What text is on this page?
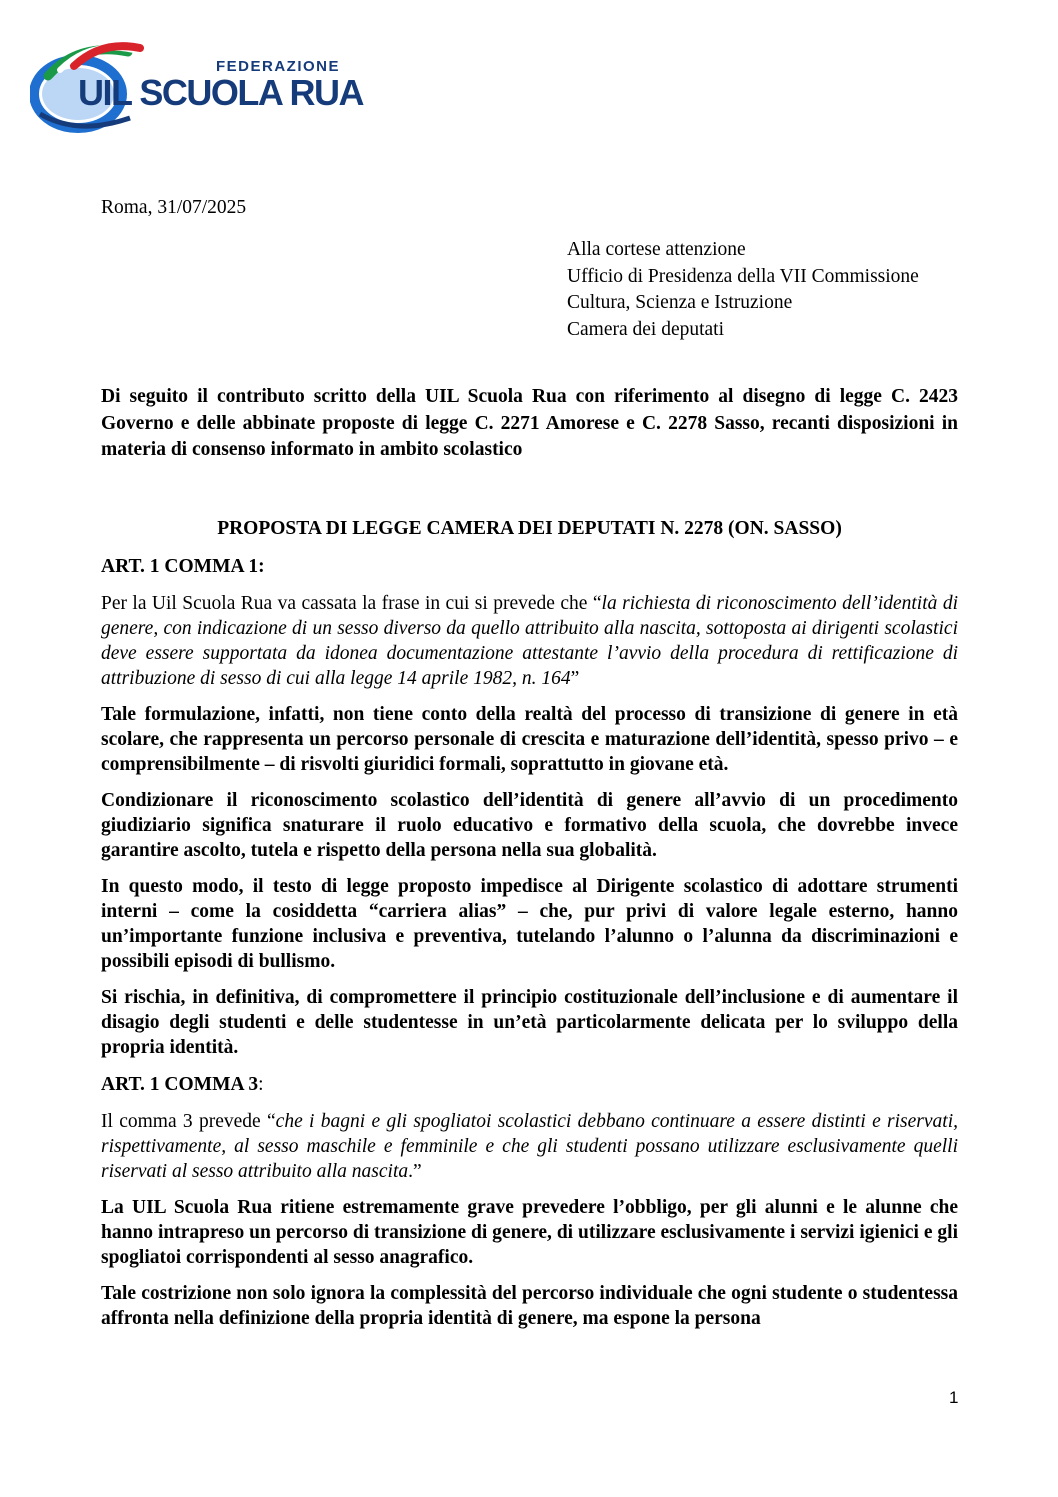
FEDERAZIONE
UIL SCUOLA RUA
Roma, 31/07/2025
Alla cortese attenzione
Ufficio di Presidenza della VII Commissione
Cultura, Scienza e Istruzione
Camera dei deputati

Di seguito il contributo scritto della UIL Scuola Rua con riferimento al disegno di legge C. 2423 Governo e delle abbinate proposte di legge C. 2271 Amorese e C. 2278 Sasso, recanti disposizioni in materia di consenso informato in ambito scolastico

PROPOSTA DI LEGGE CAMERA DEI DEPUTATI N. 2278 (ON. SASSO)

ART. 1 COMMA 1:

Per la Uil Scuola Rua va cassata la frase in cui si prevede che “la richiesta di riconoscimento dell’identità di genere, con indicazione di un sesso diverso da quello attribuito alla nascita, sottoposta ai dirigenti scolastici deve essere supportata da idonea documentazione attestante l’avvio della procedura di rettificazione di attribuzione di sesso di cui alla legge 14 aprile 1982, n. 164”

Tale formulazione, infatti, non tiene conto della realtà del processo di transizione di genere in età scolare, che rappresenta un percorso personale di crescita e maturazione dell’identità, spesso privo – e comprensibilmente – di risvolti giuridici formali, soprattutto in giovane età.

Condizionare il riconoscimento scolastico dell’identità di genere all’avvio di un procedimento giudiziario significa snaturare il ruolo educativo e formativo della scuola, che dovrebbe invece garantire ascolto, tutela e rispetto della persona nella sua globalità.

In questo modo, il testo di legge proposto impedisce al Dirigente scolastico di adottare strumenti interni – come la cosiddetta “carriera alias” – che, pur privi di valore legale esterno, hanno un’importante funzione inclusiva e preventiva, tutelando l’alunno o l’alunna da discriminazioni e possibili episodi di bullismo.

Si rischia, in definitiva, di compromettere il principio costituzionale dell’inclusione e di aumentare il disagio degli studenti e delle studentesse in un’età particolarmente delicata per lo sviluppo della propria identità.

ART. 1 COMMA 3:

Il comma 3 prevede “che i bagni e gli spogliatoi scolastici debbano continuare a essere distinti e riservati, rispettivamente, al sesso maschile e femminile e che gli studenti possano utilizzare esclusivamente quelli riservati al sesso attribuito alla nascita.”

La UIL Scuola Rua ritiene estremamente grave prevedere l’obbligo, per gli alunni e le alunne che hanno intrapreso un percorso di transizione di genere, di utilizzare esclusivamente i servizi igienici e gli spogliatoi corrispondenti al sesso anagrafico.

Tale costrizione non solo ignora la complessità del percorso individuale che ogni studente o studentessa affronta nella definizione della propria identità di genere, ma espone la persona

1
